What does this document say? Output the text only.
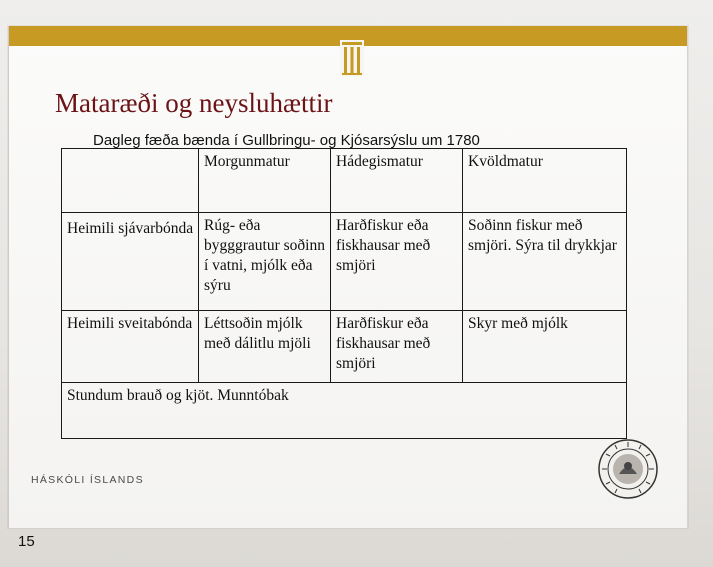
Mataræði og neysluhættir
Dagleg fæða bænda í Gullbringu- og Kjósarsýslu um 1780
	Morgunmatur	Hádegismatur	Kvöldmatur
Heimili sjávarbónda	Rúg- eða bygggrautur soðinn í vatni, mjólk eða sýru	Harðfiskur eða fiskhausar með smjöri	Soðinn fiskur með smjöri. Sýra til drykkjar
Heimili sveitabónda	Léttsoðin mjólk með dálitlu mjöli	Harðfiskur eða fiskhausar með smjöri	Skyr með mjólk
Stundum brauð og kjöt. Munntóbak			
HÁSKÓLI ÍSLANDS
15
